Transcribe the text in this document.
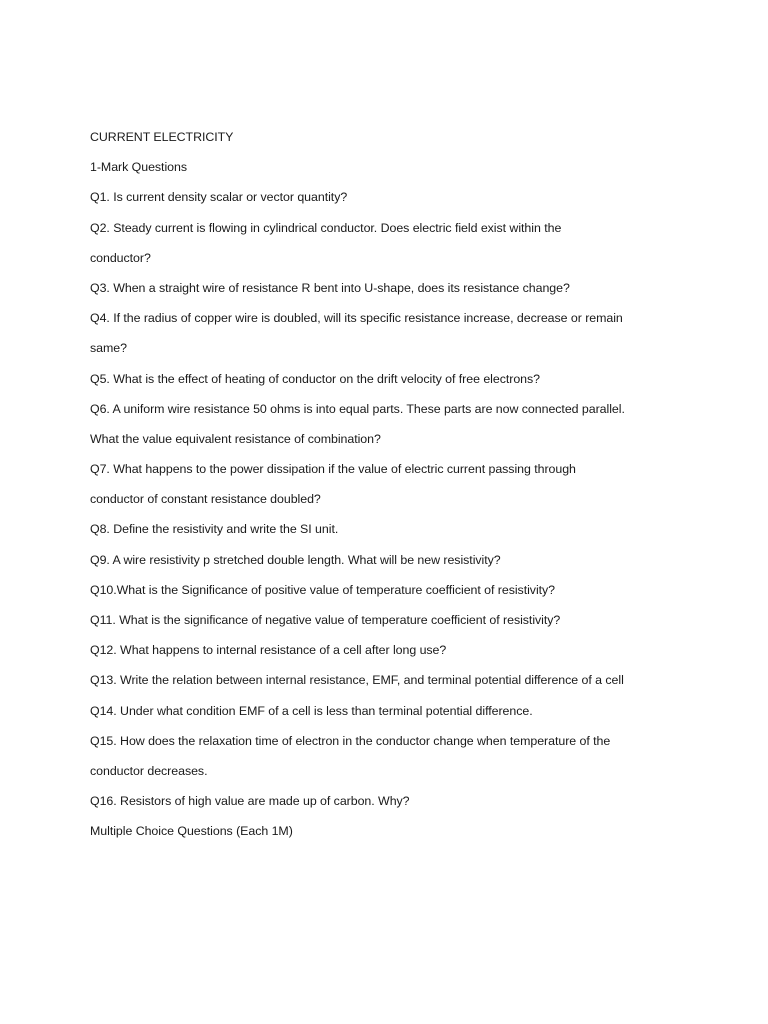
CURRENT ELECTRICITY
1-Mark Questions
Q1. Is current density scalar or vector quantity?
Q2. Steady current is flowing in cylindrical conductor. Does electric field exist within the
conductor?
Q3. When a straight wire of resistance R bent into U-shape, does its resistance change?
Q4. If the radius of copper wire is doubled, will its specific resistance increase, decrease or remain
same?
Q5. What is the effect of heating of conductor on the drift velocity of free electrons?
Q6. A uniform wire resistance 50 ohms is into equal parts. These parts are now connected parallel.
What the value equivalent resistance of combination?
Q7. What happens to the power dissipation if the value of electric current passing through
conductor of constant resistance doubled?
Q8. Define the resistivity and write the SI unit.
Q9. A wire resistivity p stretched double length. What will be new resistivity?
Q10.What is the Significance of positive value of temperature coefficient of resistivity?
Q11. What is the significance of negative value of temperature coefficient of resistivity?
Q12. What happens to internal resistance of a cell after long use?
Q13. Write the relation between internal resistance, EMF, and terminal potential difference of a cell
Q14. Under what condition EMF of a cell is less than terminal potential difference.
Q15. How does the relaxation time of electron in the conductor change when temperature of the
conductor decreases.
Q16. Resistors of high value are made up of carbon. Why?
Multiple Choice Questions (Each 1M)
